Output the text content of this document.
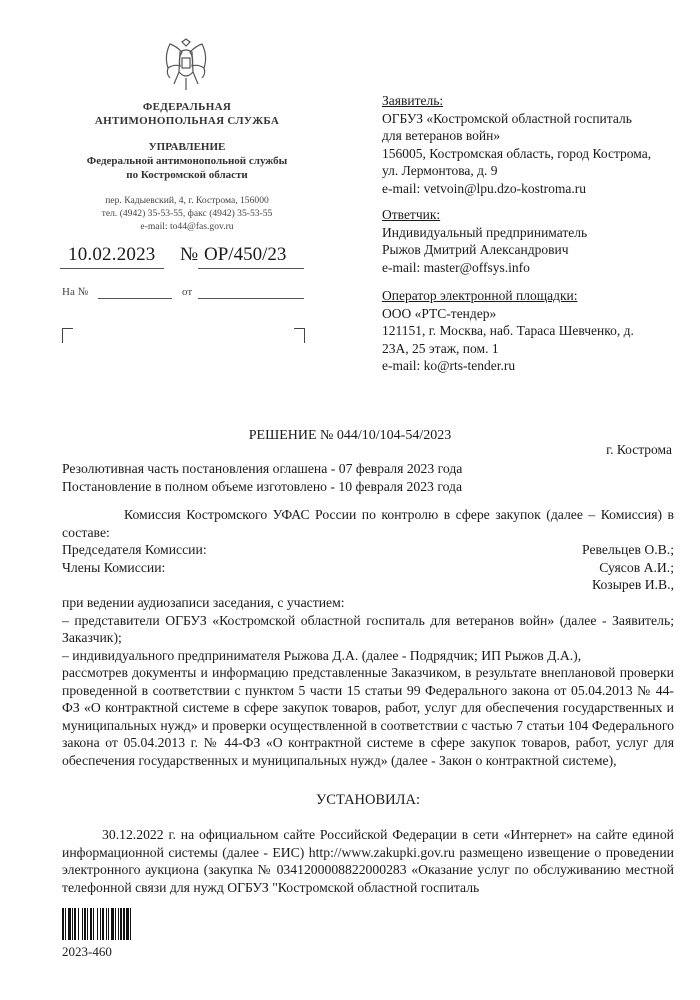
ФЕДЕРАЛЬНАЯ
АНТИМОНОПОЛЬНАЯ СЛУЖБА
УПРАВЛЕНИЕ
Федеральной антимонопольной службы
по Костромской области
пер. Кадыевский, 4, г. Кострома, 156000
тел. (4942) 35-53-55, факс (4942) 35-53-55
e-mail: to44@fas.gov.ru
10.02.2023 № ОР/450/23
На №	от
Заявитель:
ОГБУЗ «Костромской областной госпиталь
для ветеранов войн»
156005, Костромская область, город Кострома,
ул. Лермонтова, д. 9
e-mail: vetvoin@lpu.dzo-kostroma.ru
Ответчик:
Индивидуальный предприниматель
Рыжов Дмитрий Александрович
e-mail: master@offsys.info
Оператор электронной площадки:
ООО «РТС-тендер»
121151, г. Москва, наб. Тараса Шевченко, д.
23А, 25 этаж, пом. 1
e-mail: ko@rts-tender.ru
РЕШЕНИЕ № 044/10/104-54/2023
г. Кострома
Резолютивная часть постановления оглашена - 07 февраля 2023 года
Постановление в полном объеме изготовлено - 10 февраля 2023 года
Комиссия Костромского УФАС России по контролю в сфере закупок (далее – Комиссия) в составе:
Председателя Комиссии:	Ревельцев О.В.;
Члены Комиссии:	Суясов А.И.;
Козырев И.В.,
при ведении аудиозаписи заседания, с участием:
– представители ОГБУЗ «Костромской областной госпиталь для ветеранов войн» (далее - Заявитель; Заказчик);
– индивидуального предпринимателя Рыжова Д.А. (далее - Подрядчик; ИП Рыжов Д.А.),
рассмотрев документы и информацию представленные Заказчиком, в результате внеплановой проверки проведенной в соответствии с пунктом 5 части 15 статьи 99 Федерального закона от 05.04.2013 № 44-ФЗ «О контрактной системе в сфере закупок товаров, работ, услуг для обеспечения государственных и муниципальных нужд» и проверки осуществленной в соответствии с частью 7 статьи 104 Федерального закона от 05.04.2013 г. № 44-ФЗ «О контрактной системе в сфере закупок товаров, работ, услуг для обеспечения государственных и муниципальных нужд» (далее - Закон о контрактной системе),
УСТАНОВИЛА:
30.12.2022 г. на официальном сайте Российской Федерации в сети «Интернет» на сайте единой информационной системы (далее - ЕИС) http://www.zakupki.gov.ru размещено извещение о проведении электронного аукциона (закупка № 0341200008822000283 «Оказание услуг по обслуживанию местной телефонной связи для нужд ОГБУЗ "Костромской областной госпиталь
2023-460
